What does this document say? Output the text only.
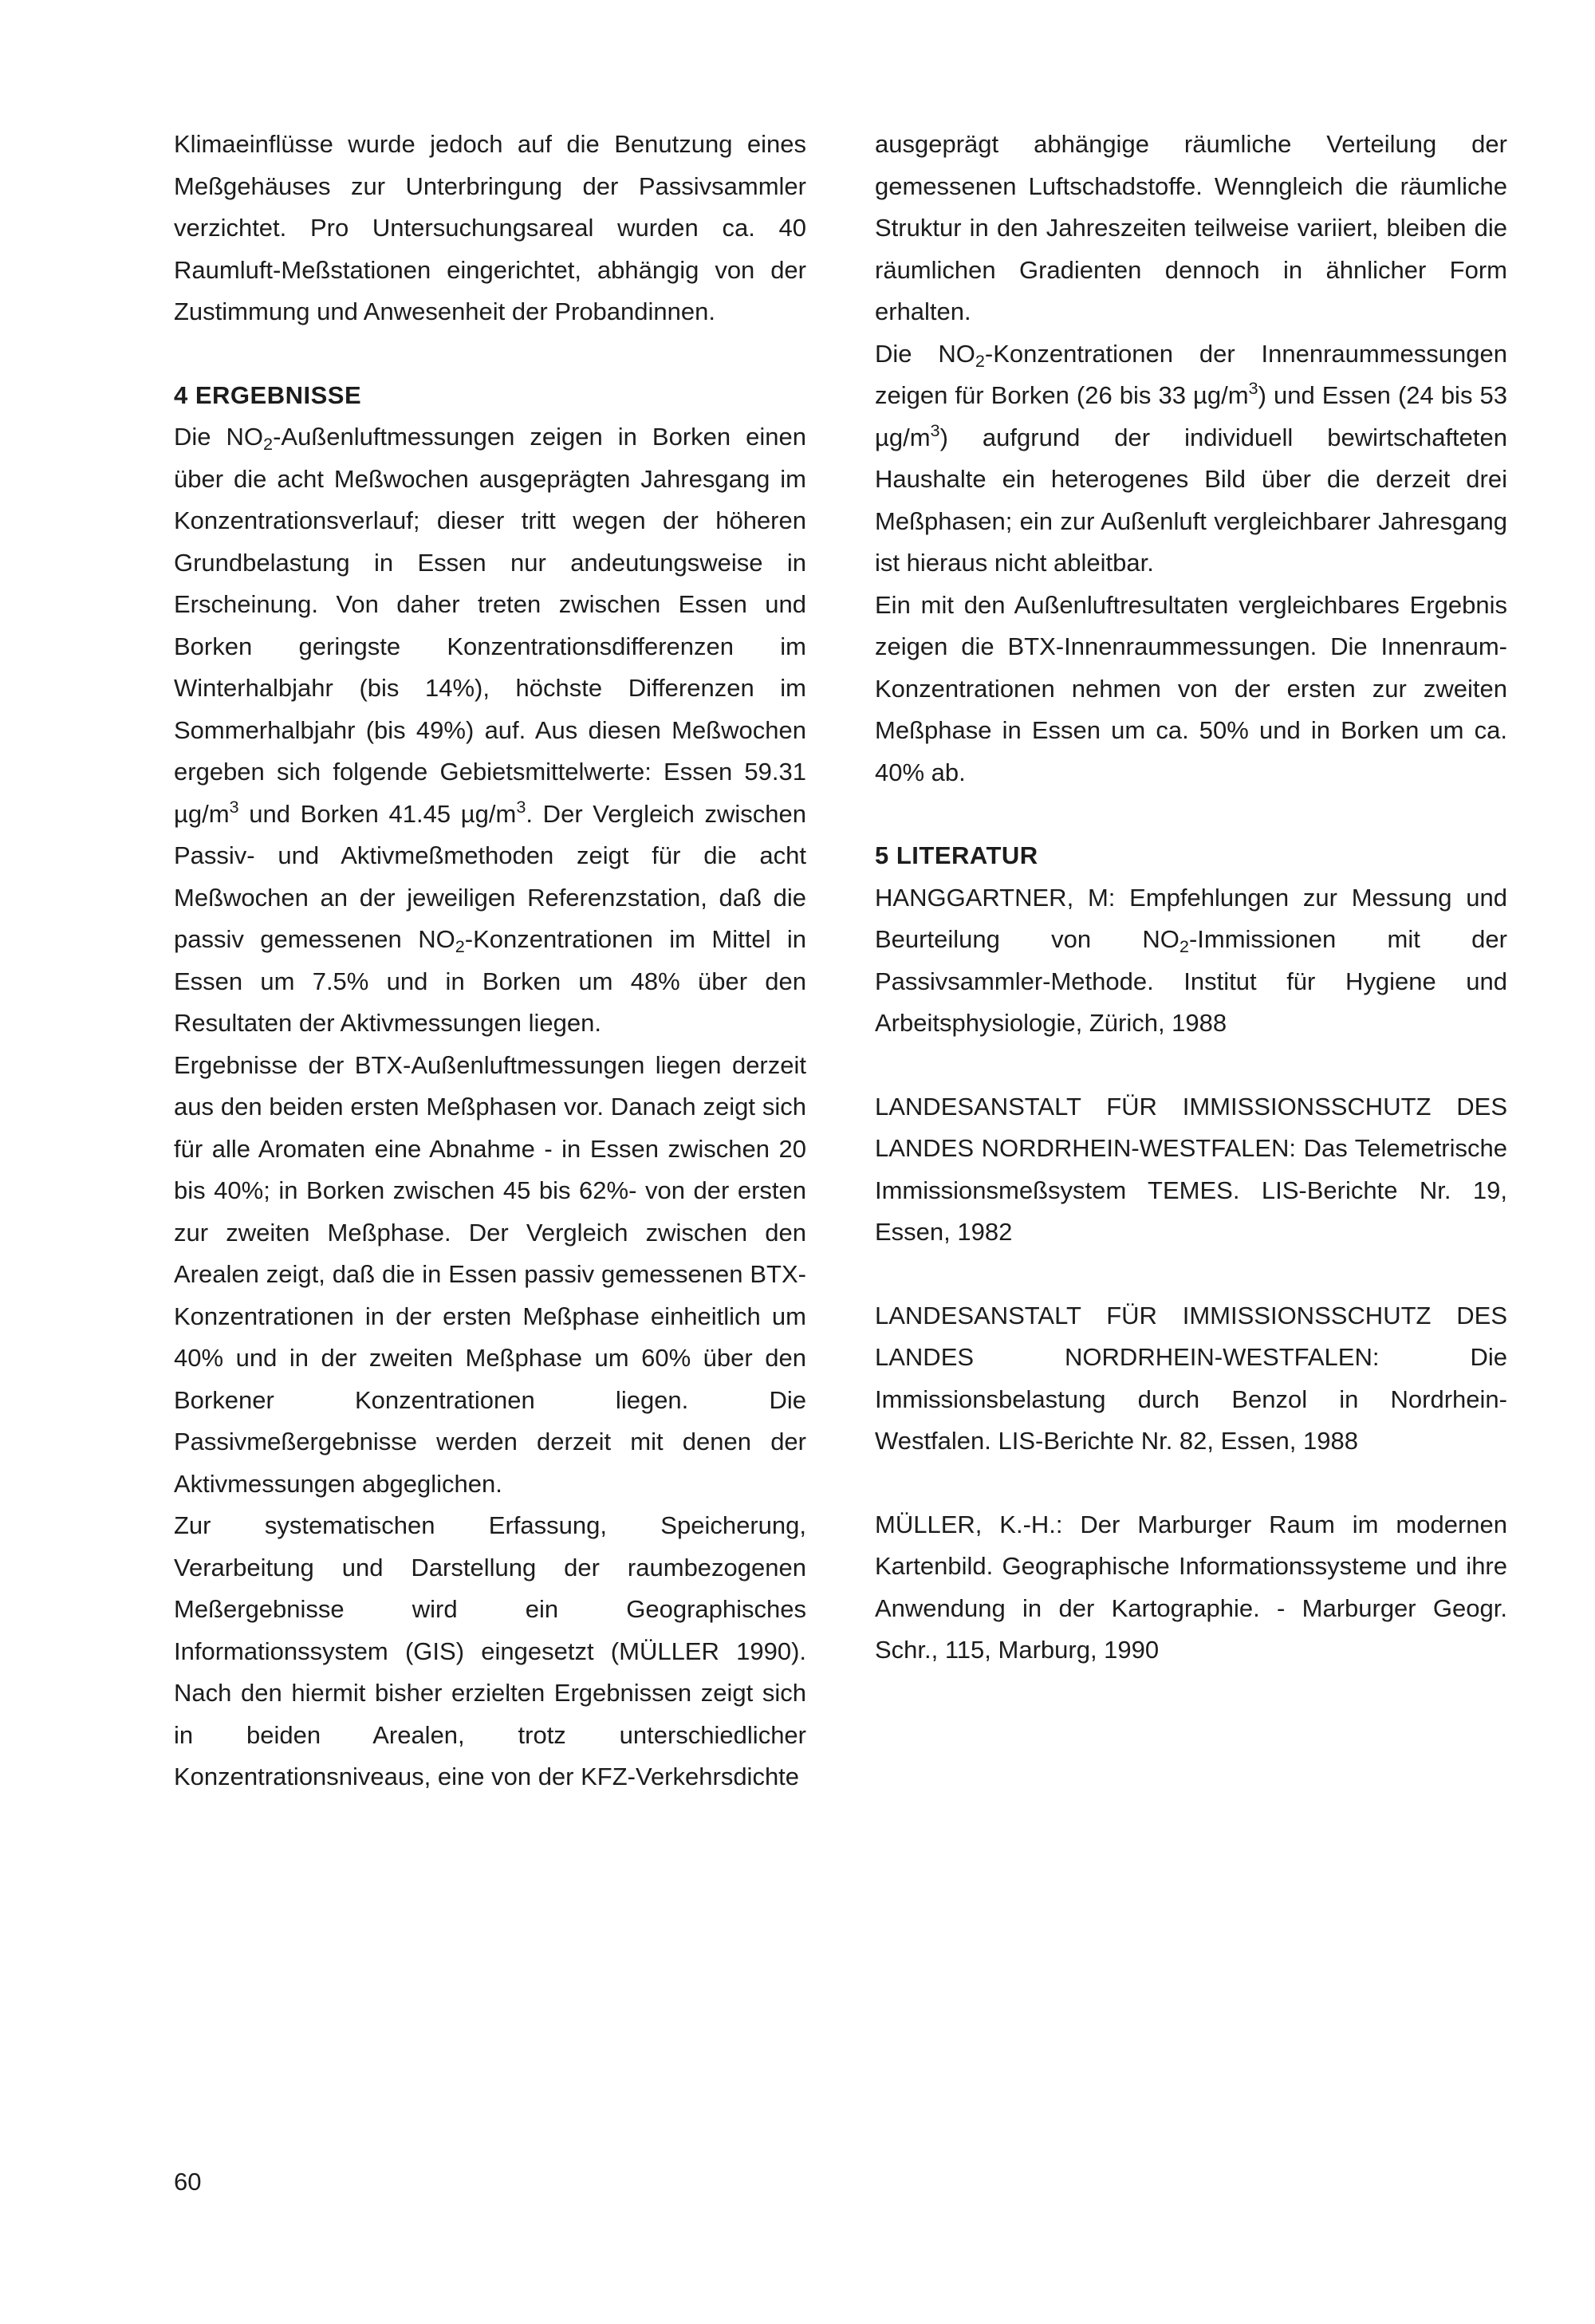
Klimaeinflüsse wurde jedoch auf die Benutzung eines Meßgehäuses zur Unterbringung der Passivsammler verzichtet. Pro Untersuchungsareal wurden ca. 40 Raumluft-Meßstationen eingerichtet, abhängig von der Zustimmung und Anwesenheit der Probandinnen.

4 ERGEBNISSE

Die $NO_2$-Außenluftmessungen zeigen in Borken einen über die acht Meßwochen ausgeprägten Jahresgang im Konzentrationsverlauf; dieser tritt wegen der höheren Grundbelastung in Essen nur andeutungsweise in Erscheinung. Von daher treten zwischen Essen und Borken geringste Konzentrationsdifferenzen im Winterhalbjahr (bis 14%), höchste Differenzen im Sommerhalbjahr (bis 49%) auf. Aus diesen Meßwochen ergeben sich folgende Gebietsmittelwerte: Essen 59.31 $\mu g/m^3$ und Borken 41.45 $\mu g/m^3$. Der Vergleich zwischen Passiv- und Aktivmeßmethoden zeigt für die acht Meßwochen an der jeweiligen Referenzstation, daß die passiv gemessenen $NO_2$-Konzentrationen im Mittel in Essen um 7.5% und in Borken um 48% über den Resultaten der Aktivmessungen liegen.

Ergebnisse der BTX-Außenluftmessungen liegen derzeit aus den beiden ersten Meßphasen vor. Danach zeigt sich für alle Aromaten eine Abnahme - in Essen zwischen 20 bis 40%; in Borken zwischen 45 bis 62%- von der ersten zur zweiten Meßphase. Der Vergleich zwischen den Arealen zeigt, daß die in Essen passiv gemessenen BTX-Konzentrationen in der ersten Meßphase einheitlich um 40% und in der zweiten Meßphase um 60% über den Borkener Konzentrationen liegen. Die Passivmeßergebnisse werden derzeit mit denen der Aktivmessungen abgeglichen.

Zur systematischen Erfassung, Speicherung, Verarbeitung und Darstellung der raumbezogenen Meßergebnisse wird ein Geographisches Informationssystem (GIS) eingesetzt (MÜLLER 1990). Nach den hiermit bisher erzielten Ergebnissen zeigt sich in beiden Arealen, trotz unterschiedlicher Konzentrationsniveaus, eine von der KFZ-Verkehrsdichte

ausgeprägt abhängige räumliche Verteilung der gemessenen Luftschadstoffe. Wenngleich die räumliche Struktur in den Jahreszeiten teilweise variiert, bleiben die räumlichen Gradienten dennoch in ähnlicher Form erhalten.

Die $NO_2$-Konzentrationen der Innenraummessungen zeigen für Borken (26 bis 33 $\mu g/m^3$) und Essen (24 bis 53 $\mu g/m^3$) aufgrund der individuell bewirtschafteten Haushalte ein heterogenes Bild über die derzeit drei Meßphasen; ein zur Außenluft vergleichbarer Jahresgang ist hieraus nicht ableitbar.

Ein mit den Außenluftresultaten vergleichbares Ergebnis zeigen die BTX-Innenraummessungen. Die Innenraum-Konzentrationen nehmen von der ersten zur zweiten Meßphase in Essen um ca. 50% und in Borken um ca. 40% ab.

5 LITERATUR

HANGGARTNER, M: Empfehlungen zur Messung und Beurteilung von $NO_2$-Immissionen mit der Passivsammler-Methode. Institut für Hygiene und Arbeitsphysiologie, Zürich, 1988

LANDESANSTALT FÜR IMMISSIONSSCHUTZ DES LANDES NORDRHEIN-WESTFALEN: Das Telemetrische Immissionsmeßsystem TEMES. LIS-Berichte Nr. 19, Essen, 1982

LANDESANSTALT FÜR IMMISSIONSSCHUTZ DES LANDES NORDRHEIN-WESTFALEN: Die Immissionsbelastung durch Benzol in Nordrhein-Westfalen. LIS-Berichte Nr. 82, Essen, 1988

MÜLLER, K.-H.: Der Marburger Raum im modernen Kartenbild. Geographische Informationssysteme und ihre Anwendung in der Kartographie. - Marburger Geogr. Schr., 115, Marburg, 1990

60
